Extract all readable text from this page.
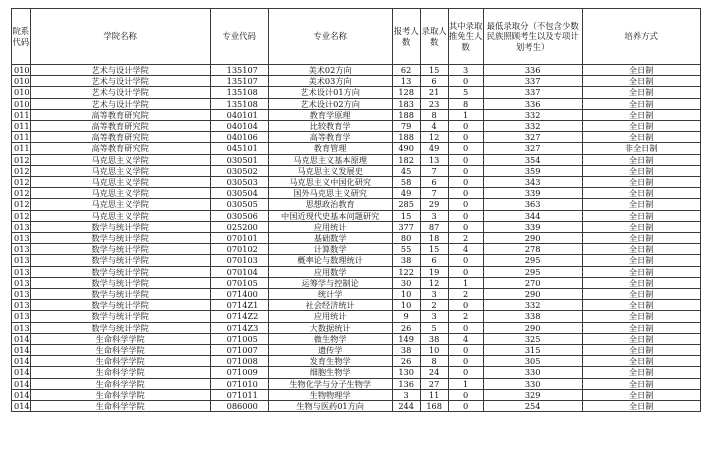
院系代码	学院名称	专业代码	专业名称	报考人数	录取人数	其中录取推免生人数	最低录取分（不包含少数民族照顾考生以及专项计划考生）	培养方式
010	艺术与设计学院	135107	美术02方向	62	15	3	336	全日制
010	艺术与设计学院	135107	美术03方向	13	6	0	337	全日制
010	艺术与设计学院	135108	艺术设计01方向	128	21	5	337	全日制
010	艺术与设计学院	135108	艺术设计02方向	183	23	8	336	全日制
011	高等教育研究院	040101	教育学原理	188	8	1	332	全日制
011	高等教育研究院	040104	比较教育学	79	4	0	332	全日制
011	高等教育研究院	040106	高等教育学	188	12	0	327	全日制
011	高等教育研究院	045101	教育管理	490	49	0	327	非全日制
012	马克思主义学院	030501	马克思主义基本原理	182	13	0	354	全日制
012	马克思主义学院	030502	马克思主义发展史	45	7	0	359	全日制
012	马克思主义学院	030503	马克思主义中国化研究	58	6	0	343	全日制
012	马克思主义学院	030504	国外马克思主义研究	49	7	0	339	全日制
012	马克思主义学院	030505	思想政治教育	285	29	0	363	全日制
012	马克思主义学院	030506	中国近现代史基本问题研究	15	3	0	344	全日制
013	数学与统计学院	025200	应用统计	377	87	0	339	全日制
013	数学与统计学院	070101	基础数学	80	18	2	290	全日制
013	数学与统计学院	070102	计算数学	55	15	4	278	全日制
013	数学与统计学院	070103	概率论与数理统计	38	6	0	295	全日制
013	数学与统计学院	070104	应用数学	122	19	0	295	全日制
013	数学与统计学院	070105	运筹学与控制论	30	12	1	270	全日制
013	数学与统计学院	071400	统计学	10	3	2	290	全日制
013	数学与统计学院	0714Z1	社会经济统计	10	2	0	332	全日制
013	数学与统计学院	0714Z2	应用统计	9	3	2	338	全日制
013	数学与统计学院	0714Z3	大数据统计	26	5	0	290	全日制
014	生命科学学院	071005	微生物学	149	38	4	325	全日制
014	生命科学学院	071007	遗传学	38	10	0	315	全日制
014	生命科学学院	071008	发育生物学	26	8	0	305	全日制
014	生命科学学院	071009	细胞生物学	130	24	0	330	全日制
014	生命科学学院	071010	生物化学与分子生物学	136	27	1	330	全日制
014	生命科学学院	071011	生物物理学	3	11	0	329	全日制
014	生命科学学院	086000	生物与医药01方向	244	168	0	254	全日制
